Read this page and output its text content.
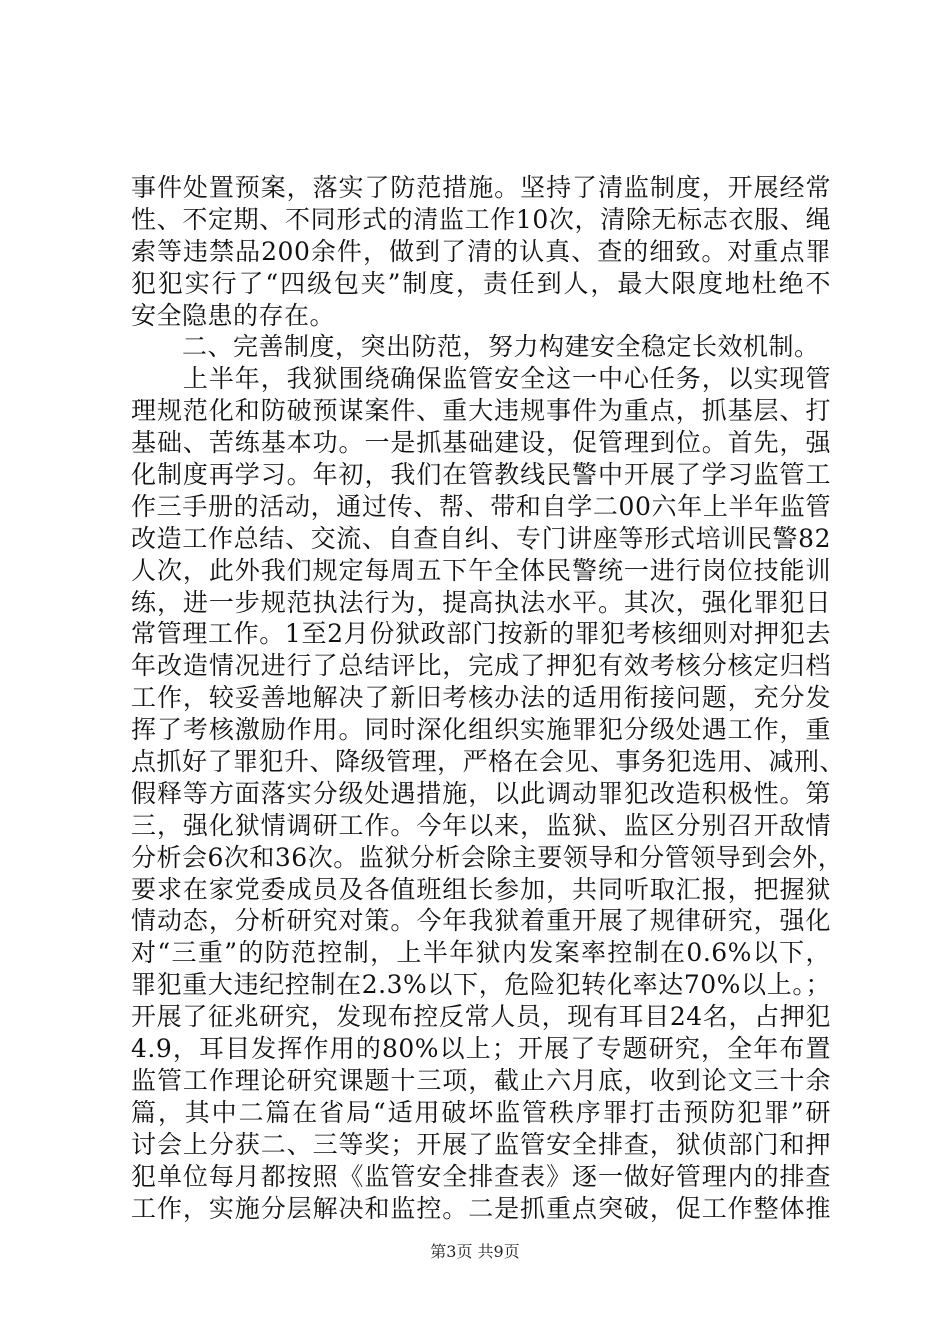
事件处置预案，落实了防范措施。坚持了清监制度，开展经常
性、不定期、不同形式的清监工作10次，清除无标志衣服、绳
索等违禁品200余件，做到了清的认真、查的细致。对重点罪
犯犯实行了“四级包夹”制度，责任到人，最大限度地杜绝不
安全隐患的存在。
　　二、完善制度，突出防范，努力构建安全稳定长效机制。
　　上半年，我狱围绕确保监管安全这一中心任务，以实现管
理规范化和防破预谋案件、重大违规事件为重点，抓基层、打
基础、苦练基本功。一是抓基础建设，促管理到位。首先，强
化制度再学习。年初，我们在管教线民警中开展了学习监管工
作三手册的活动，通过传、帮、带和自学二00六年上半年监管
改造工作总结、交流、自查自纠、专门讲座等形式培训民警82
人次，此外我们规定每周五下午全体民警统一进行岗位技能训
练，进一步规范执法行为，提高执法水平。其次，强化罪犯日
常管理工作。1至2月份狱政部门按新的罪犯考核细则对押犯去
年改造情况进行了总结评比，完成了押犯有效考核分核定归档
工作，较妥善地解决了新旧考核办法的适用衔接问题，充分发
挥了考核激励作用。同时深化组织实施罪犯分级处遇工作，重
点抓好了罪犯升、降级管理，严格在会见、事务犯选用、减刑、
假释等方面落实分级处遇措施，以此调动罪犯改造积极性。第
三，强化狱情调研工作。今年以来，监狱、监区分别召开敌情
分析会6次和36次。监狱分析会除主要领导和分管领导到会外，
要求在家党委成员及各值班组长参加，共同听取汇报，把握狱
情动态，分析研究对策。今年我狱着重开展了规律研究，强化
对“三重”的防范控制，上半年狱内发案率控制在0.6%以下，
罪犯重大违纪控制在2.3%以下，危险犯转化率达70%以上。；
开展了征兆研究，发现布控反常人员，现有耳目24名，占押犯
4.9，耳目发挥作用的80%以上；开展了专题研究，全年布置
监管工作理论研究课题十三项，截止六月底，收到论文三十余
篇，其中二篇在省局“适用破坏监管秩序罪打击预防犯罪”研
讨会上分获二、三等奖；开展了监管安全排查，狱侦部门和押
犯单位每月都按照《监管安全排查表》逐一做好管理内的排查
工作，实施分层解决和监控。二是抓重点突破，促工作整体推
第3页 共9页
